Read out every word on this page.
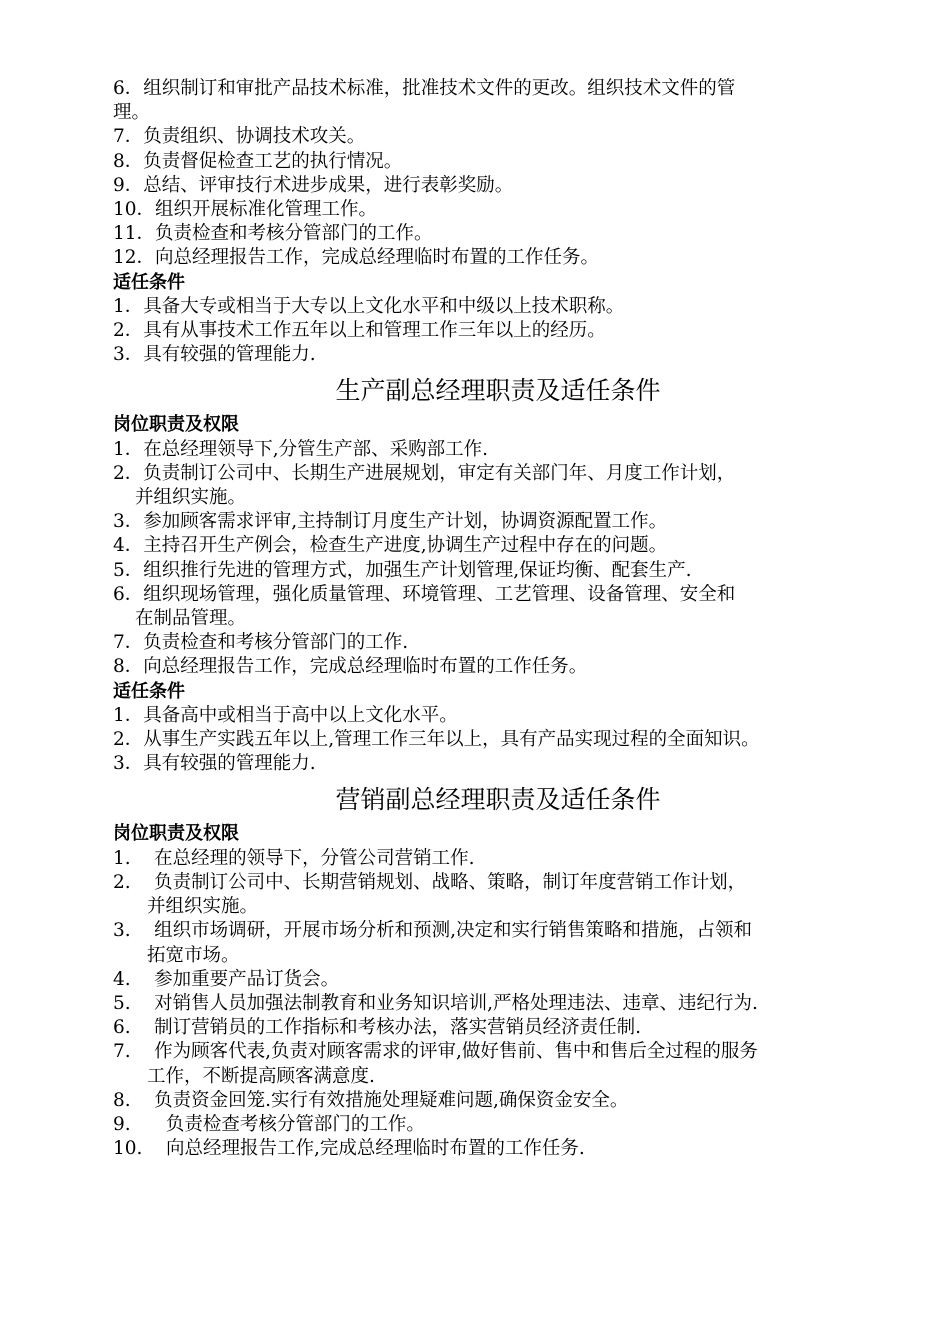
6．组织制订和审批产品技术标准，批准技术文件的更改。组织技术文件的管
理。
7．负责组织、协调技术攻关。
8．负责督促检查工艺的执行情况。
9．总结、评审技行术进步成果，进行表彰奖励。
10．组织开展标准化管理工作。
11．负责检查和考核分管部门的工作。
12．向总经理报告工作，完成总经理临时布置的工作任务。
适任条件
1．具备大专或相当于大专以上文化水平和中级以上技术职称。
2．具有从事技术工作五年以上和管理工作三年以上的经历。
3．具有较强的管理能力.
生产副总经理职责及适任条件
岗位职责及权限
1．在总经理领导下,分管生产部、采购部工作.
2．负责制订公司中、长期生产进展规划，审定有关部门年、月度工作计划，
并组织实施。
3．参加顾客需求评审,主持制订月度生产计划，协调资源配置工作。
4．主持召开生产例会，检查生产进度,协调生产过程中存在的问题。
5．组织推行先进的管理方式，加强生产计划管理,保证均衡、配套生产.
6．组织现场管理，强化质量管理、环境管理、工艺管理、设备管理、安全和
在制品管理。
7．负责检查和考核分管部门的工作.
8．向总经理报告工作，完成总经理临时布置的工作任务。
适任条件
1．具备高中或相当于高中以上文化水平。
2．从事生产实践五年以上,管理工作三年以上，具有产品实现过程的全面知识。
3．具有较强的管理能力.
营销副总经理职责及适任条件
岗位职责及权限
1.    在总经理的领导下，分管公司营销工作.
2.    负责制订公司中、长期营销规划、战略、策略，制订年度营销工作计划，
并组织实施。
3.    组织市场调研，开展市场分析和预测,决定和实行销售策略和措施，占领和
拓宽市场。
4.    参加重要产品订货会。
5.    对销售人员加强法制教育和业务知识培训,严格处理违法、违章、违纪行为.
6.    制订营销员的工作指标和考核办法，落实营销员经济责任制.
7.    作为顾客代表,负责对顾客需求的评审,做好售前、售中和售后全过程的服务
工作，不断提高顾客满意度.
8.    负责资金回笼.实行有效措施处理疑难问题,确保资金安全。
9.      负责检查考核分管部门的工作。
10.    向总经理报告工作,完成总经理临时布置的工作任务.
